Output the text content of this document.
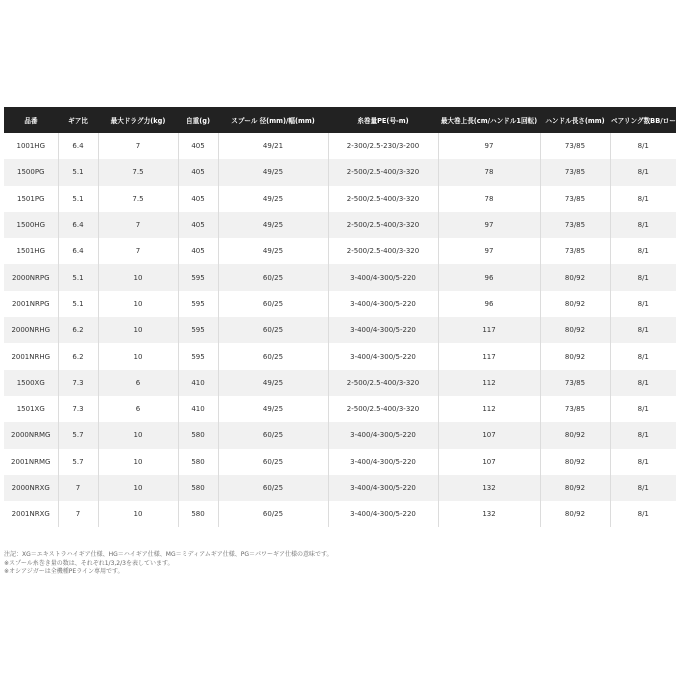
品番	ギア比	最大ドラグ力(kg)	自重(g)	スプール 径(mm)/幅(mm)	糸巻量PE(号-m)	最大巻上長(cm/ハンドル1回転)	ハンドル長さ(mm)	ベアリング数BB/ローラー
1001HG	6.4	7	405	49/21	2-300/2.5-230/3-200	97	73/85	8/1
1500PG	5.1	7.5	405	49/25	2-500/2.5-400/3-320	78	73/85	8/1
1501PG	5.1	7.5	405	49/25	2-500/2.5-400/3-320	78	73/85	8/1
1500HG	6.4	7	405	49/25	2-500/2.5-400/3-320	97	73/85	8/1
1501HG	6.4	7	405	49/25	2-500/2.5-400/3-320	97	73/85	8/1
2000NRPG	5.1	10	595	60/25	3-400/4-300/5-220	96	80/92	8/1
2001NRPG	5.1	10	595	60/25	3-400/4-300/5-220	96	80/92	8/1
2000NRHG	6.2	10	595	60/25	3-400/4-300/5-220	117	80/92	8/1
2001NRHG	6.2	10	595	60/25	3-400/4-300/5-220	117	80/92	8/1
1500XG	7.3	6	410	49/25	2-500/2.5-400/3-320	112	73/85	8/1
1501XG	7.3	6	410	49/25	2-500/2.5-400/3-320	112	73/85	8/1
2000NRMG	5.7	10	580	60/25	3-400/4-300/5-220	107	80/92	8/1
2001NRMG	5.7	10	580	60/25	3-400/4-300/5-220	107	80/92	8/1
2000NRXG	7	10	580	60/25	3-400/4-300/5-220	132	80/92	8/1
2001NRXG	7	10	580	60/25	3-400/4-300/5-220	132	80/92	8/1
注記：XG＝エキストラハイギア仕様、HG＝ハイギア仕様、MG＝ミディアムギア仕様、PG＝パワーギア仕様の意味です。
※スプール糸巻き量の数は、それぞれ1/3,2/3を表しています。
※オシアジガーは全機種PEライン専用です。
